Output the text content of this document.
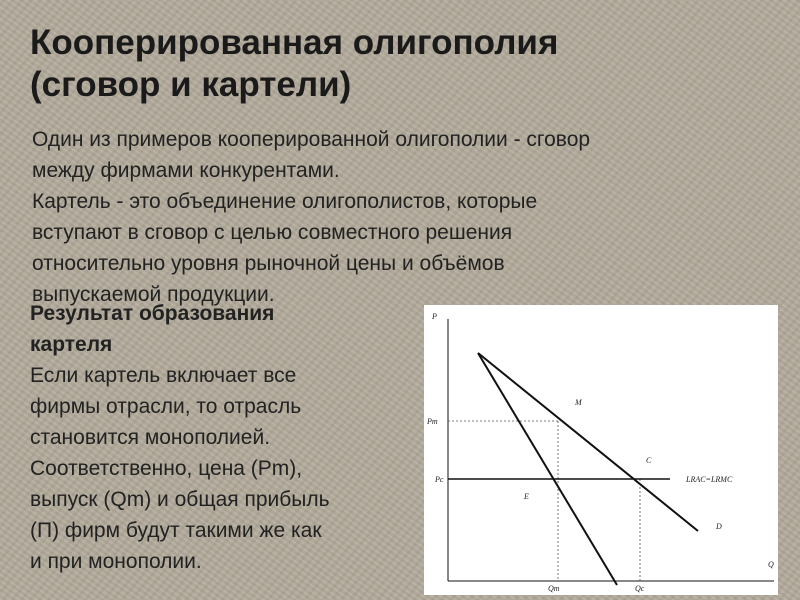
Кооперированная олигополия
(сговор и картели)
Один из примеров кооперированной олигополии - сговор
между фирмами конкурентами.
Картель - это объединение олигополистов, которые
вступают в сговор с целью совместного решения
относительно уровня рыночной цены и объёмов
выпускаемой продукции.
Результат образования
картеля
Если картель включает все
фирмы отрасли, то отрасль
становится монополией.
Соответственно, цена (Pm),
выпуск (Qm) и общая прибыль
(П) фирм будут такими же как
и при монополии.
P
Q
Pm
Pc
Qm	Qc
M
C
E
D
LRAC=LRMC
